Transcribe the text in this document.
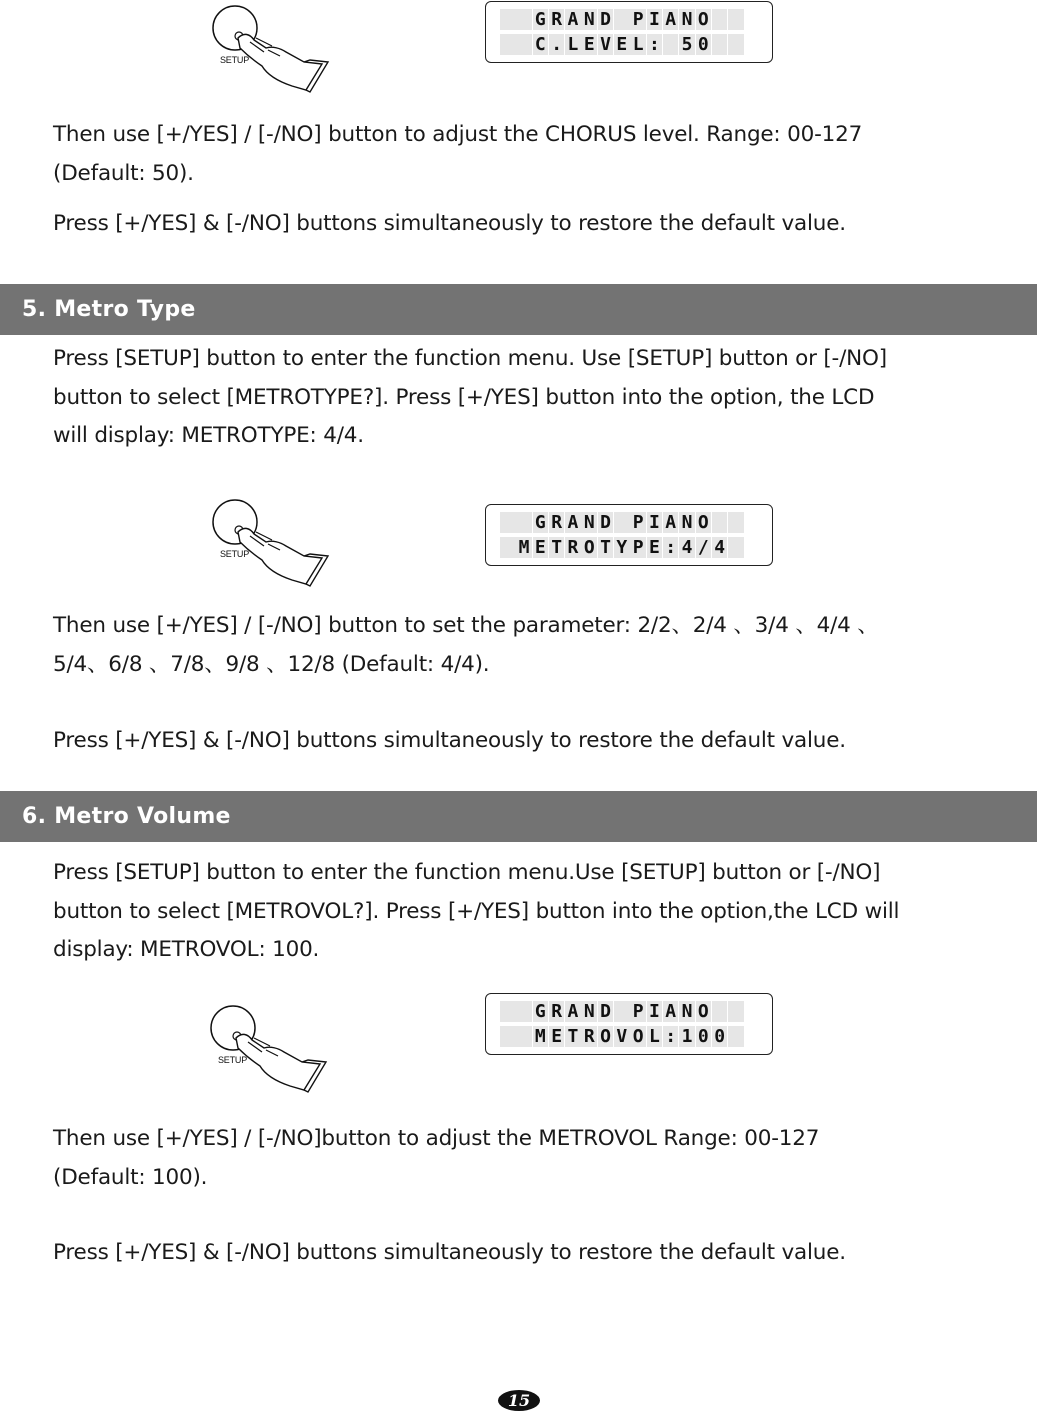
SETUP

G R A N D
P I A N O

C . L E V E L :
5 0

Then use [+/YES] / [-/NO] button to adjust the CHORUS level. Range: 00-127
(Default: 50).
Press [+/YES] & [-/NO] buttons simultaneously to restore the default value.
5. Metro Type
Press [SETUP] button to enter the function menu. Use [SETUP] button or [-/NO]
button to select [METROTYPE?]. Press [+/YES] button into the option, the LCD
will display: METROTYPE: 4/4.
SETUP

G R A N D
P I A N O

M E T R O T Y P E : 4 / 4

Then use [+/YES] / [-/NO] button to set the parameter: 2/2、2/4 、3/4 、4/4 、
5/4、6/8 、7/8、9/8 、12/8 (Default: 4/4).
Press [+/YES] & [-/NO] buttons simultaneously to restore the default value.
6. Metro Volume
Press [SETUP] button to enter the function menu.Use [SETUP] button or [-/NO]
button to select [METROVOL?]. Press [+/YES] button into the option,the LCD will
display: METROVOL: 100.
SETUP

G R A N D
P I A N O

M E T R O V O L : 1 0 0

Then use [+/YES] / [-/NO]button to adjust the METROVOL Range: 00-127
(Default: 100).
Press [+/YES] & [-/NO] buttons simultaneously to restore the default value.
15
